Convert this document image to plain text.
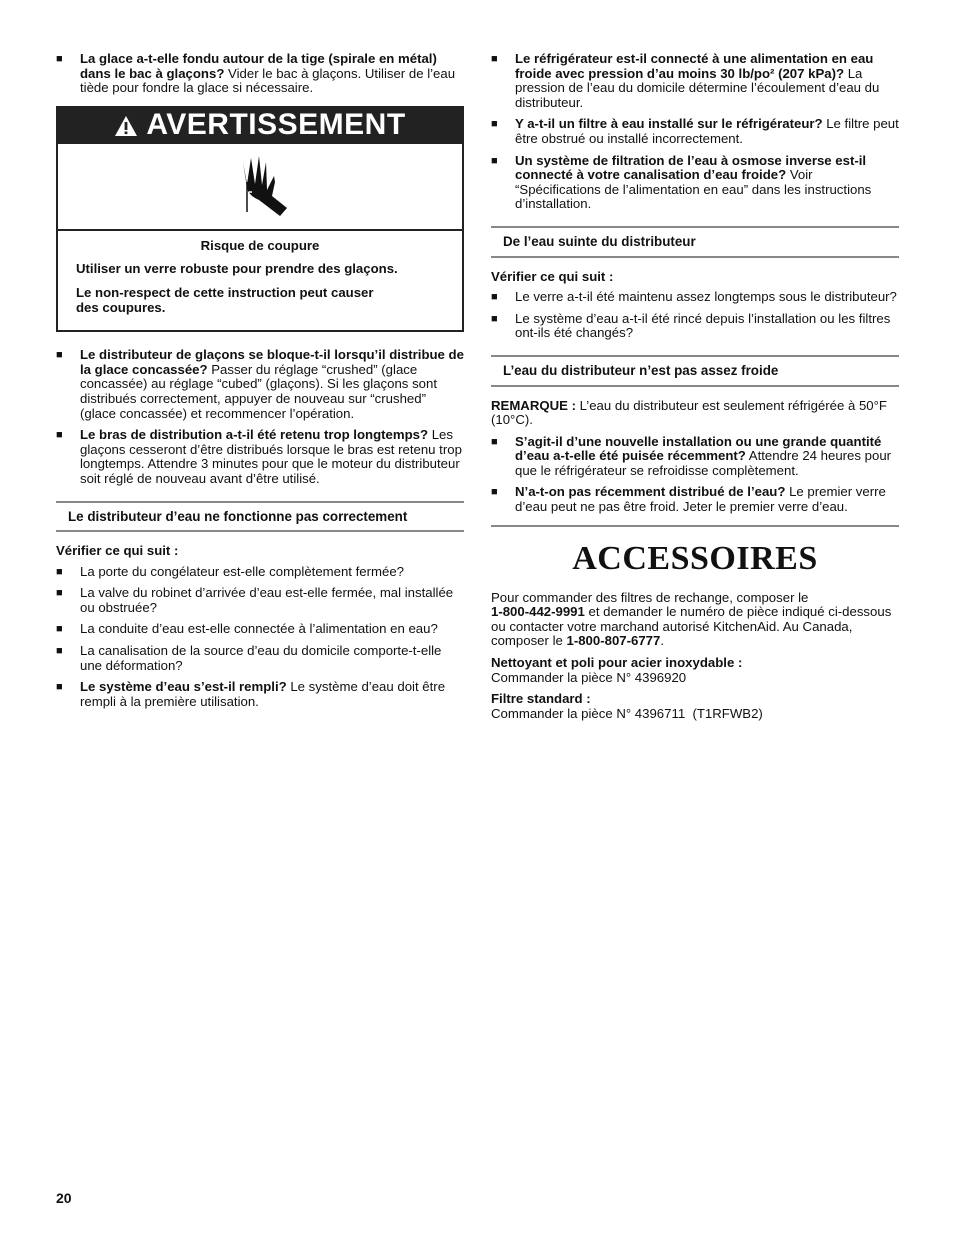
■ La glace a-t-elle fondu autour de la tige (spirale en métal) dans le bac à glaçons? Vider le bac à glaçons. Utiliser de l’eau tiède pour fondre la glace si nécessaire.
AVERTISSEMENT

Risque de coupure

Utiliser un verre robuste pour prendre des glaçons.

Le non-respect de cette instruction peut causer des coupures.

■ Le distributeur de glaçons se bloque-t-il lorsqu’il distribue de la glace concassée? Passer du réglage “crushed” (glace concassée) au réglage “cubed” (glaçons). Si les glaçons sont distribués correctement, appuyer de nouveau sur “crushed” (glace concassée) et recommencer l’opération.
■ Le bras de distribution a-t-il été retenu trop longtemps? Les glaçons cesseront d’être distribués lorsque le bras est retenu trop longtemps. Attendre 3 minutes pour que le moteur du distributeur soit réglé de nouveau avant d’être utilisé.
Le distributeur d’eau ne fonctionne pas correctement
Vérifier ce qui suit :
■ La porte du congélateur est-elle complètement fermée?
■ La valve du robinet d’arrivée d’eau est-elle fermée, mal installée ou obstruée?
■ La conduite d’eau est-elle connectée à l’alimentation en eau?
■ La canalisation de la source d’eau du domicile comporte-t-elle une déformation?
■ Le système d’eau s’est-il rempli? Le système d’eau doit être rempli à la première utilisation.
■ Le réfrigérateur est-il connecté à une alimentation en eau froide avec pression d’au moins 30 lb/po² (207 kPa)? La pression de l’eau du domicile détermine l’écoulement d’eau du distributeur.
■ Y a-t-il un filtre à eau installé sur le réfrigérateur? Le filtre peut être obstrué ou installé incorrectement.
■ Un système de filtration de l’eau à osmose inverse est-il connecté à votre canalisation d’eau froide? Voir “Spécifications de l’alimentation en eau” dans les instructions d’installation.
De l’eau suinte du distributeur
Vérifier ce qui suit :
■ Le verre a-t-il été maintenu assez longtemps sous le distributeur?
■ Le système d’eau a-t-il été rincé depuis l’installation ou les filtres ont-ils été changés?
L’eau du distributeur n’est pas assez froide
REMARQUE : L’eau du distributeur est seulement réfrigérée à 50°F (10°C).
■ S’agit-il d’une nouvelle installation ou une grande quantité d’eau a-t-elle été puisée récemment? Attendre 24 heures pour que le réfrigérateur se refroidisse complètement.
■ N’a-t-on pas récemment distribué de l’eau? Le premier verre d’eau peut ne pas être froid. Jeter le premier verre d’eau.
ACCESSOIRES
Pour commander des filtres de rechange, composer le
1-800-442-9991 et demander le numéro de pièce indiqué ci-dessous ou contacter votre marchand autorisé KitchenAid. Au Canada, composer le 1-800-807-6777.
Nettoyant et poli pour acier inoxydable :
Commander la pièce N° 4396920
Filtre standard :
Commander la pièce N° 4396711  (T1RFWB2)
20
